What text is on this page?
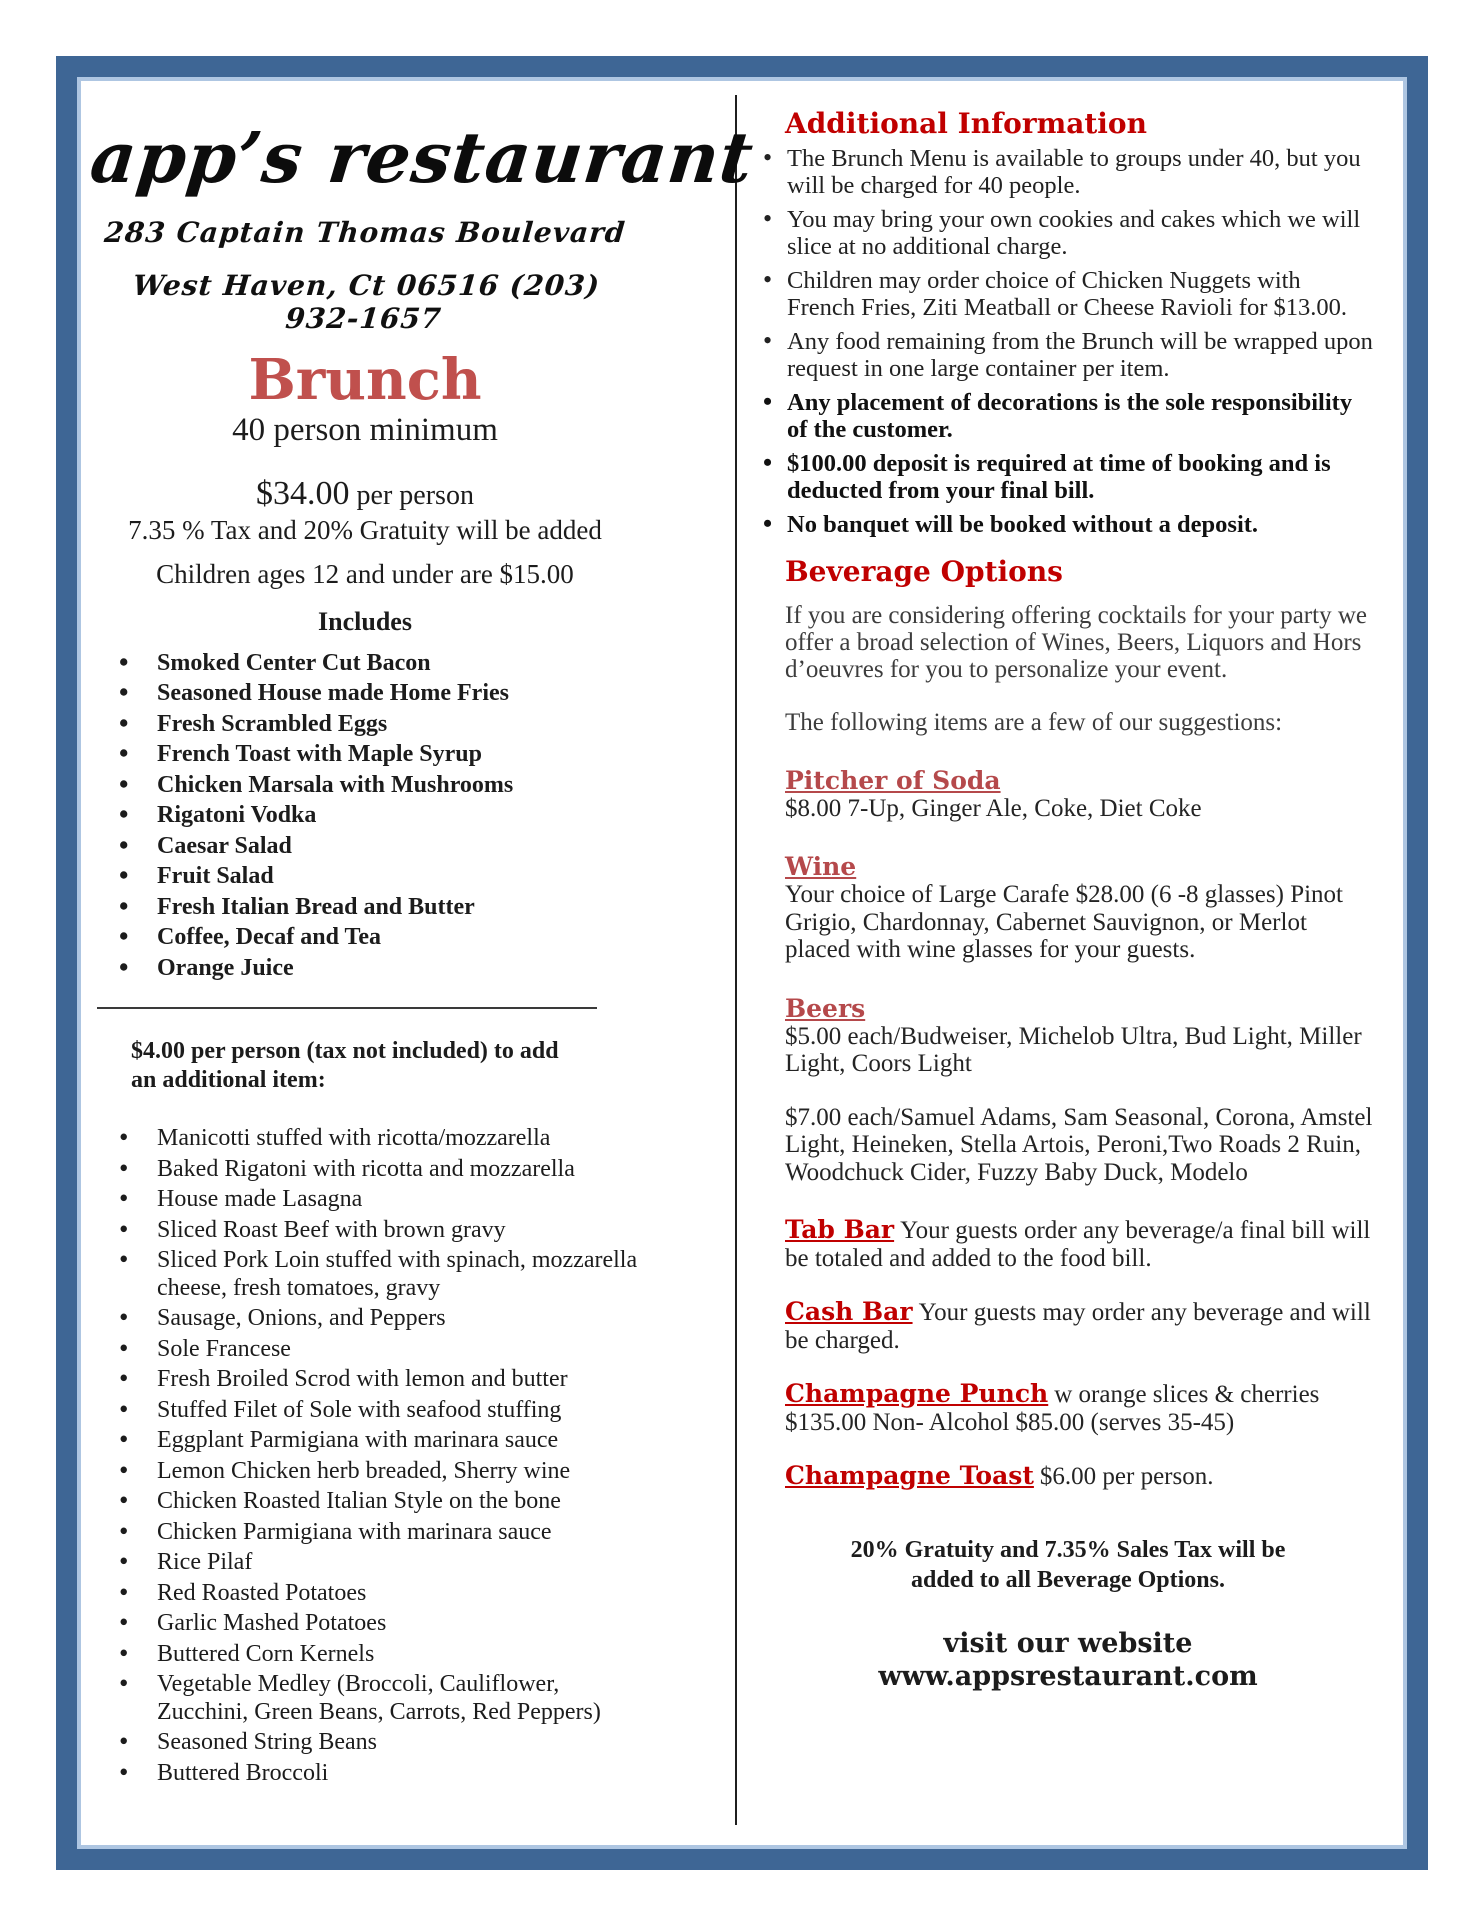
app’s restaurant
283 Captain Thomas Boulevard
West Haven, Ct 06516 (203) 932-1657
Brunch
40 person minimum
$34.00 per person
7.35 % Tax and 20% Gratuity will be added
Children ages 12 and under are $15.00
Includes
• Smoked Center Cut Bacon
• Seasoned House made Home Fries
• Fresh Scrambled Eggs
• French Toast with Maple Syrup
• Chicken Marsala with Mushrooms
• Rigatoni Vodka
• Caesar Salad
• Fruit Salad
• Fresh Italian Bread and Butter
• Coffee, Decaf and Tea
• Orange Juice
$4.00 per person (tax not included) to add an additional item:
• Manicotti stuffed with ricotta/mozzarella
• Baked Rigatoni with ricotta and mozzarella
• House made Lasagna
• Sliced Roast Beef with brown gravy
• Sliced Pork Loin stuffed with spinach, mozzarella cheese, fresh tomatoes, gravy
• Sausage, Onions, and Peppers
• Sole Francese
• Fresh Broiled Scrod with lemon and butter
• Stuffed Filet of Sole with seafood stuffing
• Eggplant Parmigiana with marinara sauce
• Lemon Chicken herb breaded, Sherry wine
• Chicken Roasted Italian Style on the bone
• Chicken Parmigiana with marinara sauce
• Rice Pilaf
• Red Roasted Potatoes
• Garlic Mashed Potatoes
• Buttered Corn Kernels
• Vegetable Medley (Broccoli, Cauliflower, Zucchini, Green Beans, Carrots, Red Peppers)
• Seasoned String Beans
• Buttered Broccoli
Additional Information
• The Brunch Menu is available to groups under 40, but you will be charged for 40 people.
• You may bring your own cookies and cakes which we will slice at no additional charge.
• Children may order choice of Chicken Nuggets with French Fries, Ziti Meatball or Cheese Ravioli for $13.00.
• Any food remaining from the Brunch will be wrapped upon request in one large container per item.
• Any placement of decorations is the sole responsibility of the customer.
• $100.00 deposit is required at time of booking and is deducted from your final bill.
• No banquet will be booked without a deposit.
Beverage Options

If you are considering offering cocktails for your party we offer a broad selection of Wines, Beers, Liquors and Hors d’oeuvres for you to personalize your event.

The following items are a few of our suggestions:

Pitcher of Soda
$8.00 7-Up, Ginger Ale, Coke, Diet Coke
Wine
Your choice of Large Carafe $28.00 (6 -8 glasses) Pinot Grigio, Chardonnay, Cabernet Sauvignon, or Merlot placed with wine glasses for your guests.
Beers
$5.00 each/Budweiser, Michelob Ultra, Bud Light, Miller Light, Coors Light
$7.00 each/Samuel Adams, Sam Seasonal, Corona, Amstel Light, Heineken, Stella Artois, Peroni,Two Roads 2 Ruin, Woodchuck Cider, Fuzzy Baby Duck, Modelo

Tab Bar Your guests order any beverage/a final bill will be totaled and added to the food bill.

Cash Bar Your guests may order any beverage and will be charged.

Champagne Punch w orange slices & cherries
$135.00 Non- Alcohol $85.00 (serves 35-45)

Champagne Toast $6.00 per person.

20% Gratuity and 7.35% Sales Tax will be added to all Beverage Options.
visit our website
www.appsrestaurant.com
